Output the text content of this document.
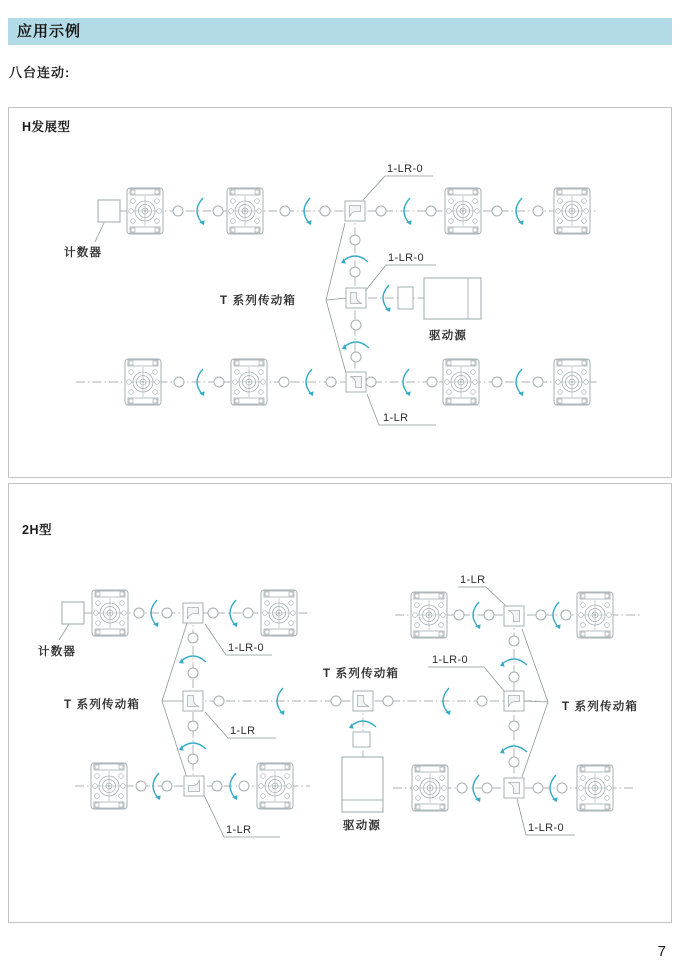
应用示例
八台连动:
1-LR-0
1-LR-0
1-LR
计数器
T 系列传动箱
驱动源
H发展型
1-LR-0
1-LR
1-LR
1-LR
1-LR-0
1-LR-0
计数器
T 系列传动箱
T 系列传动箱
T 系列传动箱
驱动源
2H型
7
